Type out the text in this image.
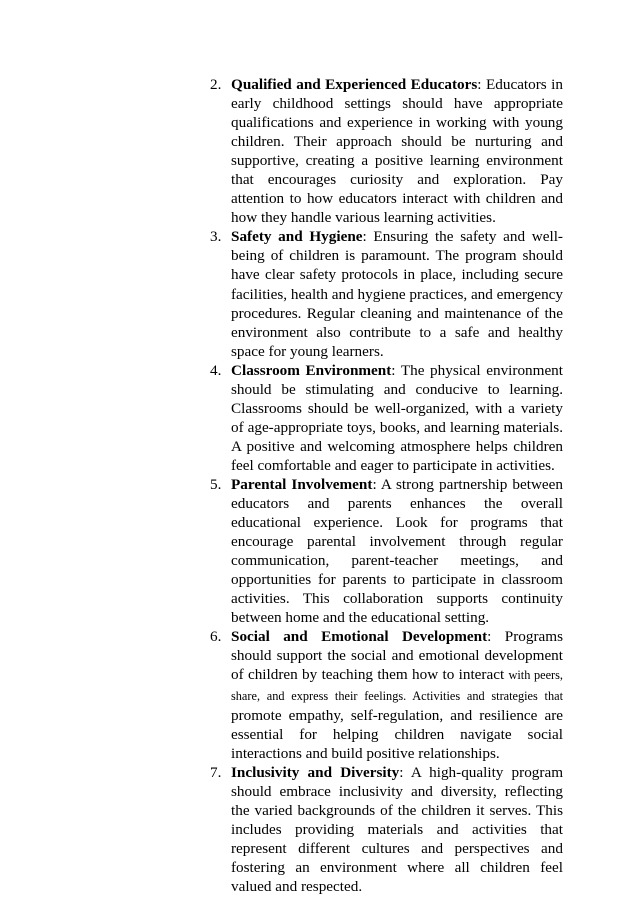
2. Qualified and Experienced Educators: Educators in early childhood settings should have appropriate qualifications and experience in working with young children. Their approach should be nurturing and supportive, creating a positive learning environment that encourages curiosity and exploration. Pay attention to how educators interact with children and how they handle various learning activities.
3. Safety and Hygiene: Ensuring the safety and well-being of children is paramount. The program should have clear safety protocols in place, including secure facilities, health and hygiene practices, and emergency procedures. Regular cleaning and maintenance of the environment also contribute to a safe and healthy space for young learners.
4. Classroom Environment: The physical environment should be stimulating and conducive to learning. Classrooms should be well-organized, with a variety of age-appropriate toys, books, and learning materials. A positive and welcoming atmosphere helps children feel comfortable and eager to participate in activities.
5. Parental Involvement: A strong partnership between educators and parents enhances the overall educational experience. Look for programs that encourage parental involvement through regular communication, parent-teacher meetings, and opportunities for parents to participate in classroom activities. This collaboration supports continuity between home and the educational setting.
6. Social and Emotional Development: Programs should support the social and emotional development of children by teaching them how to interact with peers, share, and express their feelings. Activities and strategies that promote empathy, self-regulation, and resilience are essential for helping children navigate social interactions and build positive relationships.
7. Inclusivity and Diversity: A high-quality program should embrace inclusivity and diversity, reflecting the varied backgrounds of the children it serves. This includes providing materials and activities that represent different cultures and perspectives and fostering an environment where all children feel valued and respected.
